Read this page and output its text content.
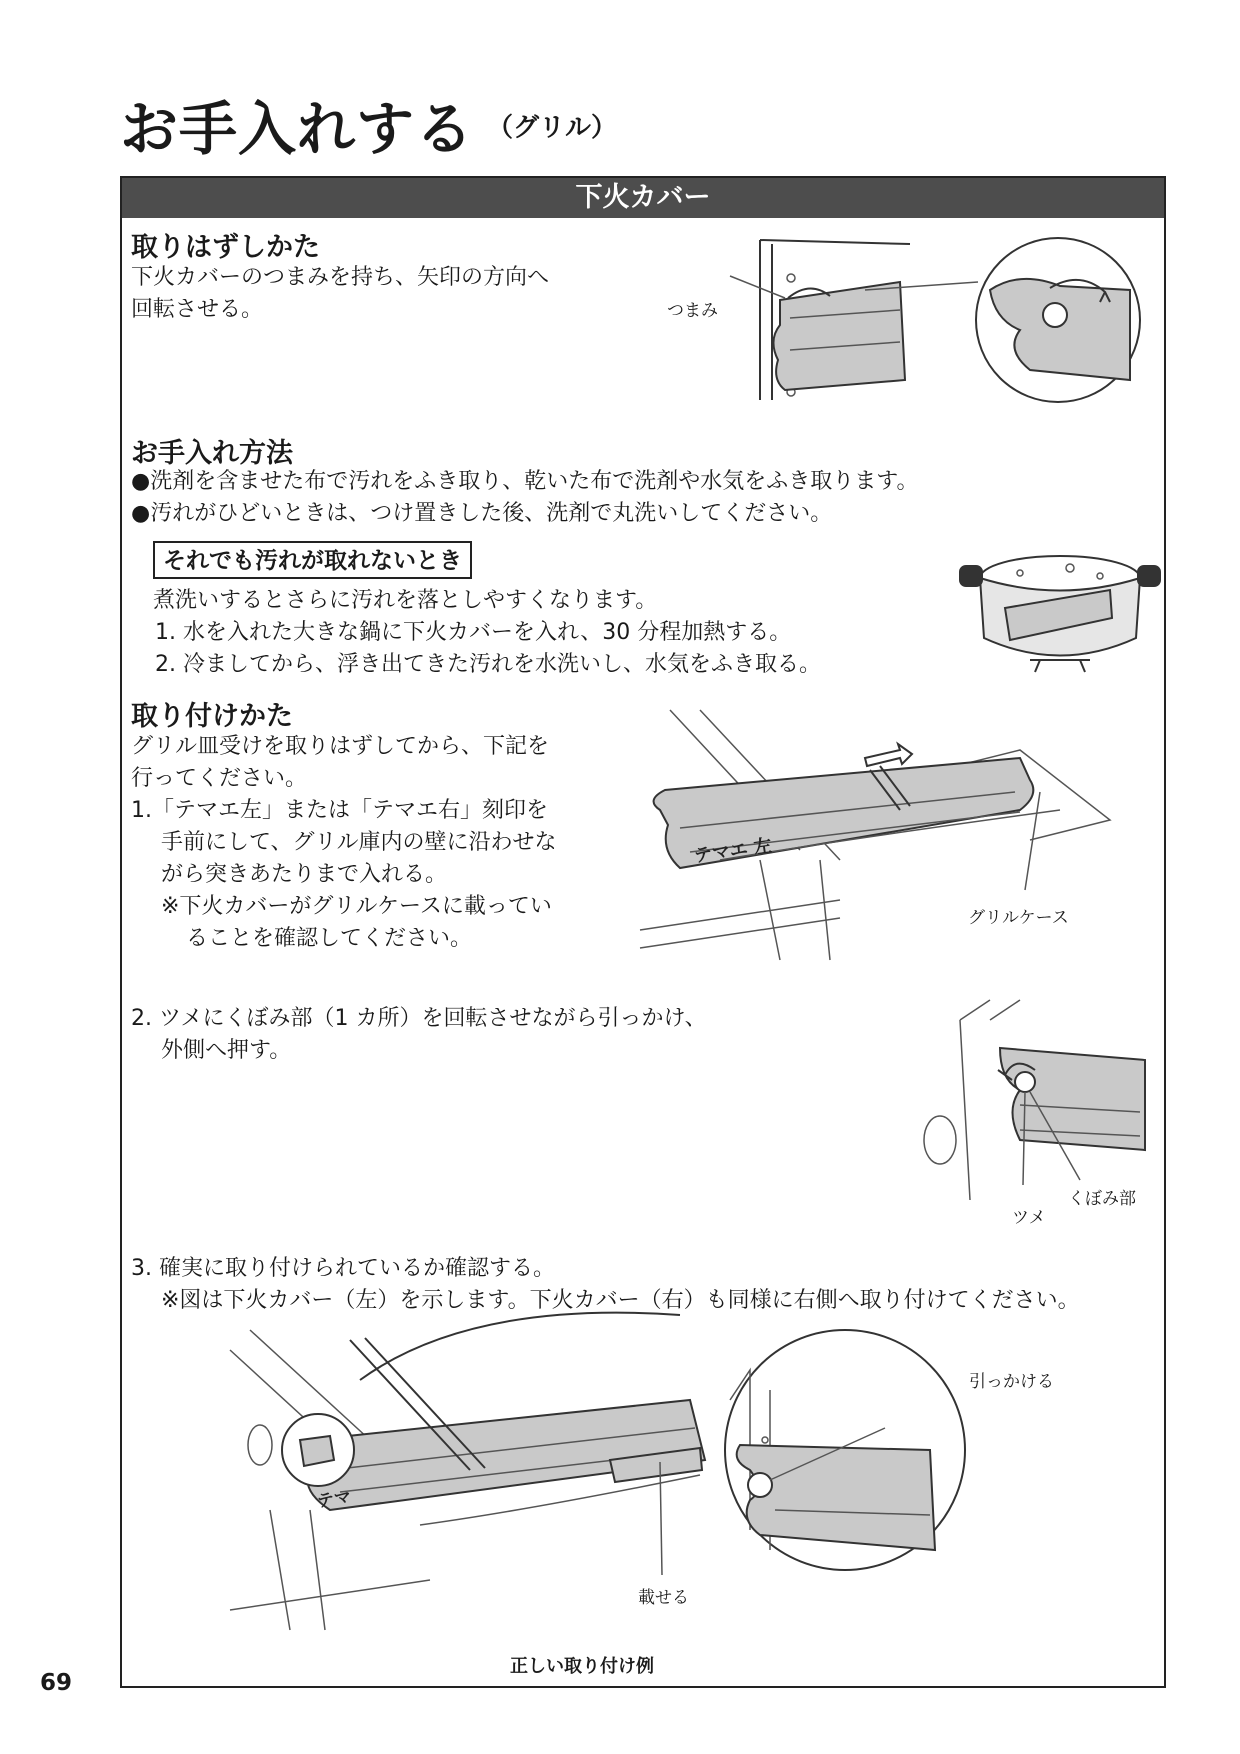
お手入れする （グリル）
下火カバー
取りはずしかた
下火カバーのつまみを持ち、矢印の方向へ
回転させる。	つまみ
お手入れ方法
●洗剤を含ませた布で汚れをふき取り、乾いた布で洗剤や水気をふき取ります。
●汚れがひどいときは、つけ置きした後、洗剤で丸洗いしてください。
それでも汚れが取れないとき
煮洗いするとさらに汚れを落としやすくなります。
1. 水を入れた大きな鍋に下火カバーを入れ、30 分程加熱する。
2. 冷ましてから、浮き出てきた汚れを水洗いし、水気をふき取る。
取り付けかた
グリル皿受けを取りはずしてから、下記を
行ってください。
1.「テマエ左」または「テマエ右」刻印を
手前にして、グリル庫内の壁に沿わせな
がら突きあたりまで入れる。
※下火カバーがグリルケースに載ってい
ることを確認してください。
テマエ 左
グリルケース
2. ツメにくぼみ部（1 カ所）を回転させながら引っかけ、
外側へ押す。
ツメ
くぼみ部
3. 確実に取り付けられているか確認する。
※図は下火カバー（左）を示します。下火カバー（右）も同様に右側へ取り付けてください。
テマ
引っかける
載せる
正しい取り付け例
69
